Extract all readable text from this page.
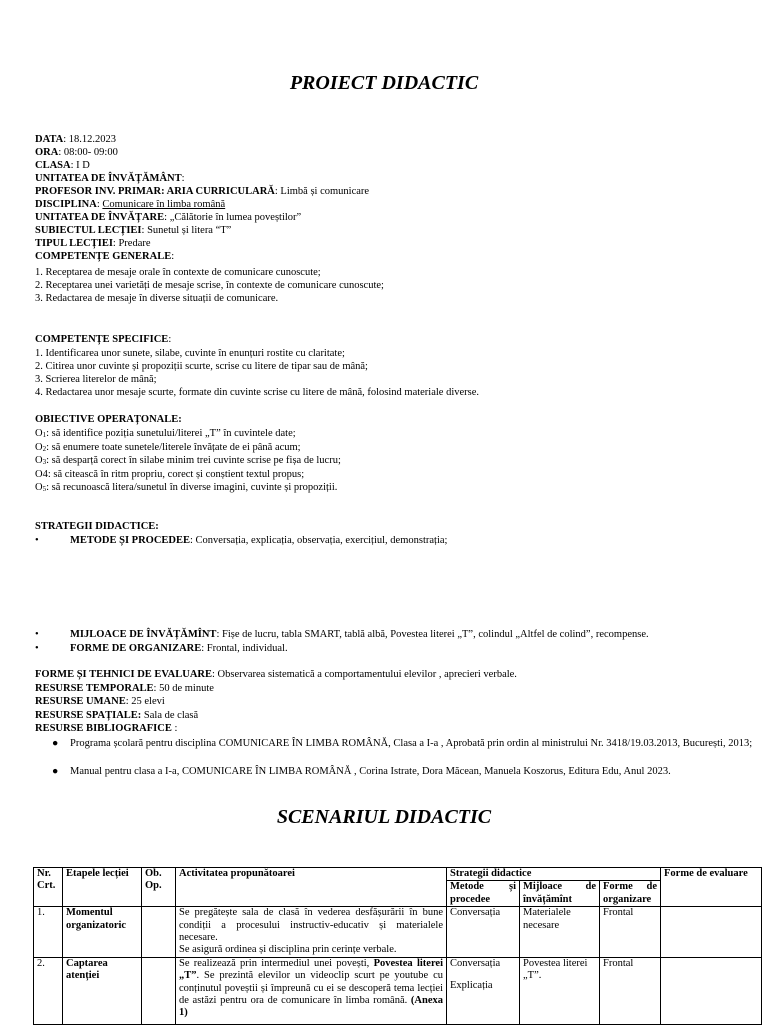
PROIECT DIDACTIC
DATA: 18.12.2023
ORA: 08:00- 09:00
CLASA: I D
UNITATEA DE ÎNVĂȚĂMÂNT:
PROFESOR INV. PRIMAR: ARIA CURRICULARĂ: Limbă și comunicare
DISCIPLINA: Comunicare în limba română
UNITATEA DE ÎNVĂȚARE: „Călătorie în lumea poveștilor”
SUBIECTUL LECȚIEI: Sunetul și litera “T”
TIPUL LECȚIEI: Predare
COMPETENȚE GENERALE:
1. Receptarea de mesaje orale în contexte de comunicare cunoscute;
2. Receptarea unei varietăți de mesaje scrise, în contexte de comunicare cunoscute;
3. Redactarea de mesaje în diverse situații de comunicare.
COMPETENȚE SPECIFICE:
1. Identificarea unor sunete, silabe, cuvinte în enunțuri rostite cu claritate;
2. Citirea unor cuvinte și propoziții scurte, scrise cu litere de tipar sau de mână;
3. Scrierea literelor de mână;
4. Redactarea unor mesaje scurte, formate din cuvinte scrise cu litere de mână, folosind materiale diverse.
OBIECTIVE OPERAȚONALE:
$O_1$: să identifice poziția sunetului/literei „T” în cuvintele date;
$O_2$: să enumere toate sunetele/literele învățate de ei până acum;
$O_3$: să desparță corect în silabe minim trei cuvinte scrise pe fișa de lucru;
O4: să citească în ritm propriu, corect și conștient textul propus;
$O_5$: să recunoască litera/sunetul în diverse imagini, cuvinte și propoziții.
STRATEGII DIDACTICE:
•	METODE ȘI PROCEDEE: Conversația, explicația, observația, exercițiul, demonstrația;
•	MIJLOACE DE ÎNVĂȚĂMÎNT: Fișe de lucru, tabla SMART, tablă albă, Povestea literei „T”, colindul „Altfel de colind”, recompense.
•	FORME DE ORGANIZARE: Frontal, individual.
FORME ȘI TEHNICI DE EVALUARE: Observarea sistematică a comportamentului elevilor , aprecieri verbale.
RESURSE TEMPORALE: 50 de minute
RESURSE UMANE: 25 elevi
RESURSE SPAȚIALE: Sala de clasă
RESURSE BIBLIOGRAFICE :
● Programa școlară pentru disciplina COMUNICARE ÎN LIMBA ROMÂNĂ, Clasa a I-a , Aprobată prin ordin al ministrului Nr. 3418/19.03.2013, București, 2013;
● Manual pentru clasa a I-a, COMUNICARE ÎN LIMBA ROMÂNĂ , Corina Istrate, Dora Măcean, Manuela Koszorus, Editura Edu, Anul 2023.
SCENARIUL DIDACTIC
Nr. Crt.	Etapele lecției	Ob. Op.	Activitatea propunătoarei	Strategii didactice			Forme de evaluare
				Metode și procedee	Mijloace de învățămînt	Forme de organizare	
1.	Momentul organizatoric		Se pregătește sala de clasă în vederea desfășurării în bune condiții a procesului instructiv-educativ și materialele necesare.
Se asigură ordinea și disciplina prin cerințe verbale.	Conversația	Materialele necesare	Frontal	
2.	Captarea atenției		Se realizează prin intermediul unei povești, Povestea literei „T”. Se prezintă elevilor un videoclip scurt pe youtube cu conținutul poveștii și împreună cu ei se descoperă tema lecției de astăzi pentru ora de comunicare în limba română. (Anexa 1)	Conversația
Explicația	Povestea literei „T”.	Frontal	
